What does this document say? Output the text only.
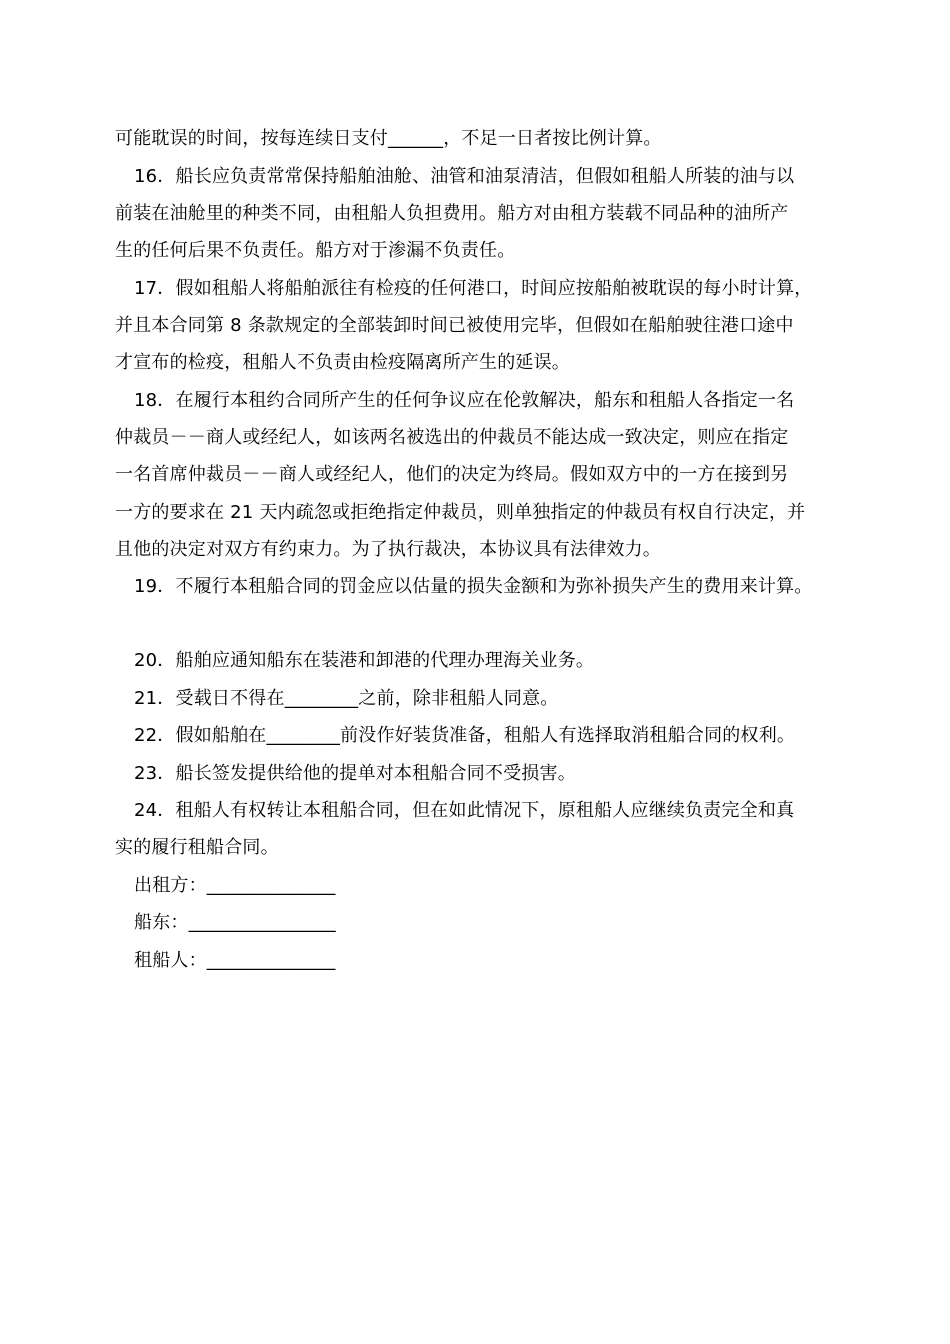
可能耽误的时间，按每连续日支付______，不足一日者按比例计算。
16．船长应负责常常保持船舶油舱、油管和油泵清洁，但假如租船人所装的油与以
前装在油舱里的种类不同，由租船人负担费用。船方对由租方装载不同品种的油所产
生的任何后果不负责任。船方对于渗漏不负责任。
17．假如租船人将船舶派往有检疫的任何港口，时间应按船舶被耽误的每小时计算，
并且本合同第 8 条款规定的全部装卸时间已被使用完毕，但假如在船舶驶往港口途中
才宣布的检疫，租船人不负责由检疫隔离所产生的延误。
18．在履行本租约合同所产生的任何争议应在伦敦解决，船东和租船人各指定一名
仲裁员－－商人或经纪人，如该两名被选出的仲裁员不能达成一致决定，则应在指定
一名首席仲裁员－－商人或经纪人，他们的决定为终局。假如双方中的一方在接到另
一方的要求在 21 天内疏忽或拒绝指定仲裁员，则单独指定的仲裁员有权自行决定，并
且他的决定对双方有约束力。为了执行裁决，本协议具有法律效力。
19．不履行本租船合同的罚金应以估量的损失金额和为弥补损失产生的费用来计算。
20．船舶应通知船东在装港和卸港的代理办理海关业务。
21．受载日不得在________之前，除非租船人同意。
22．假如船舶在________前没作好装货准备，租船人有选择取消租船合同的权利。
23．船长签发提供给他的提单对本租船合同不受损害。
24．租船人有权转让本租船合同，但在如此情况下，原租船人应继续负责完全和真
实的履行租船合同。
出租方：______________
船东：________________
租船人：______________
